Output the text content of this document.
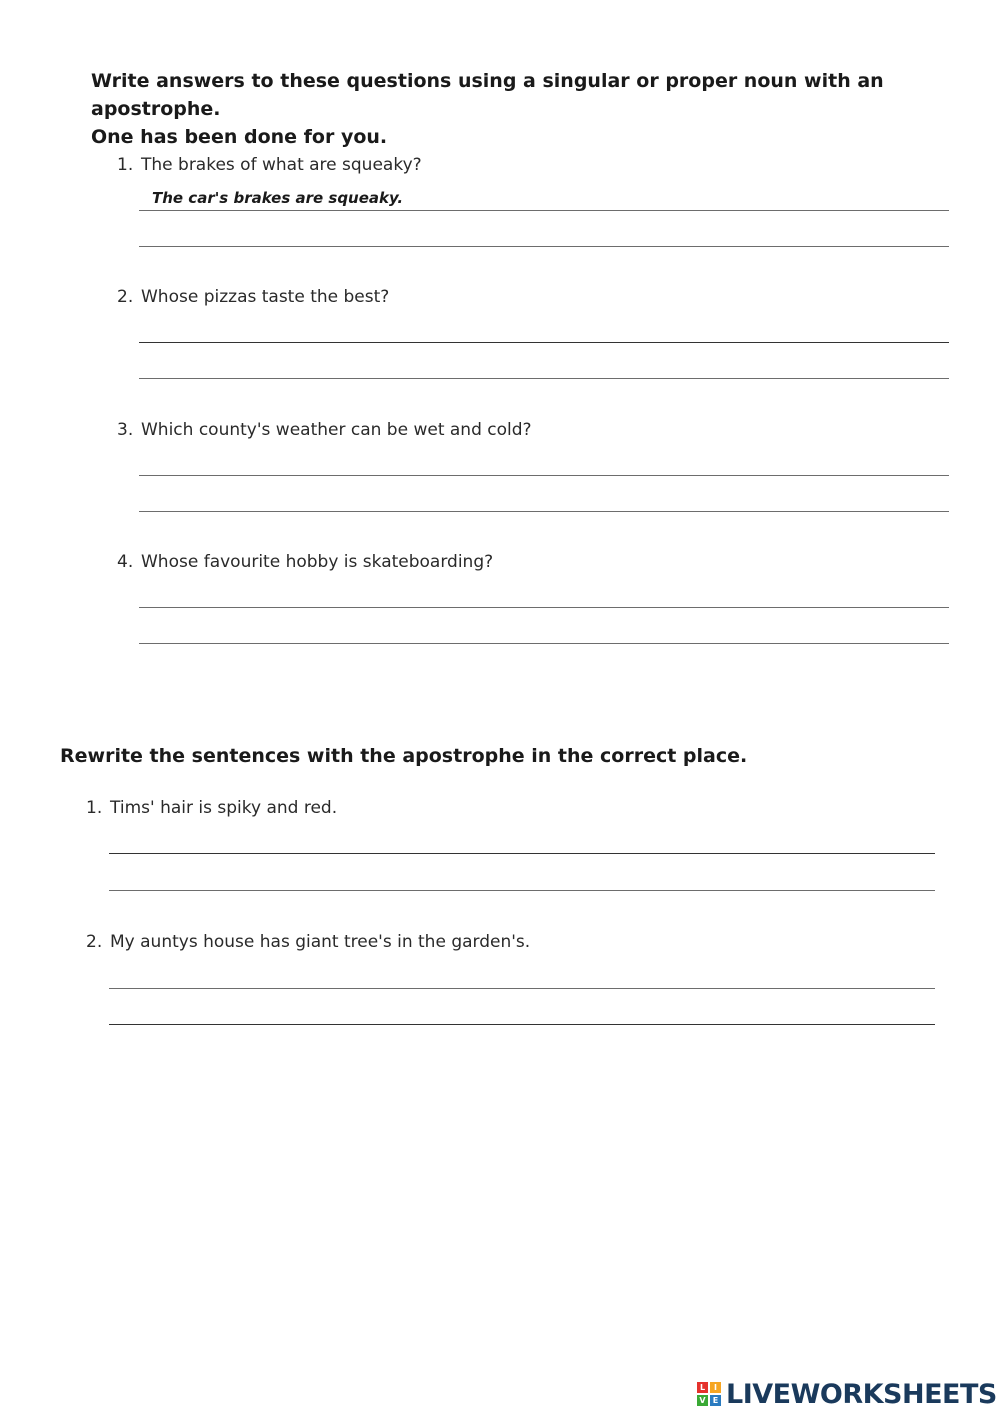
Write answers to these questions using a singular or proper noun with an apostrophe.

One has been done for you.

1. The brakes of what are squeaky?
The car's brakes are squeaky.
2. Whose pizzas taste the best?
3. Which county's weather can be wet and cold?
4. Whose favourite hobby is skateboarding?

Rewrite the sentences with the apostrophe in the correct place.

1. Tims' hair is spiky and red.
2. My auntys house has giant tree's in the garden's.
L	I
V E LIVEWORKSHEETS
